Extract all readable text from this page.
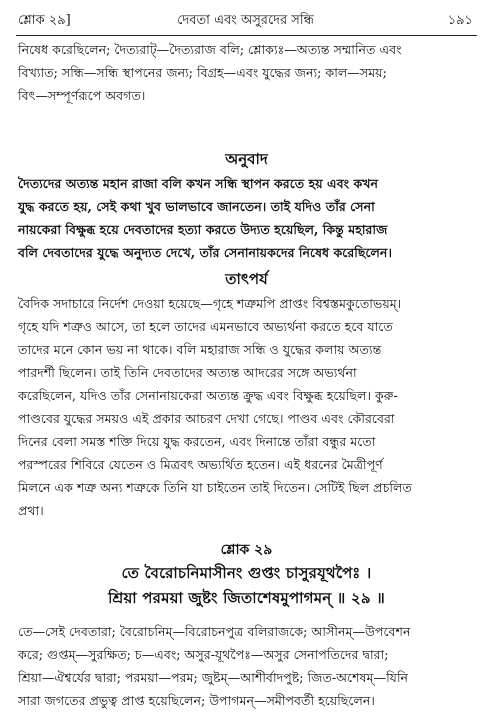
শ্লোক ২৯]	দেবতা এবং অসুরদের সন্ধি	১৯১

নিষেধ করেছিলেন; দৈত্যরাট্—দৈত্যরাজ বলি; শ্লোক্যঃ—অত্যন্ত সম্মানিত এবং

বিখ্যাত; সন্ধি—সন্ধি স্থাপনের জন্য; বিগ্রহ—এবং যুদ্ধের জন্য; কাল—সময়;

বিৎ—সম্পূর্ণরূপে অবগত।

অনুবাদ

দৈত্যদের অত্যন্ত মহান রাজা বলি কখন সন্ধি স্থাপন করতে হয় এবং কখন

যুদ্ধ করতে হয়, সেই কথা খুব ভালভাবে জানতেন। তাই যদিও তাঁর সেনা

নায়কেরা বিক্ষুব্ধ হয়ে দেবতাদের হত্যা করতে উদ্যত হয়েছিল, কিন্তু মহারাজ

বলি দেবতাদের যুদ্ধে অনুদ্যত দেখে, তাঁর সেনানায়কদের নিষেধ করেছিলেন।

তাৎপর্য

বৈদিক সদাচারে নির্দেশ দেওয়া হয়েছে—গৃহে শত্রুমপি প্রাপ্তং বিশ্বস্তমকুতোভয়ম্।

গৃহে যদি শত্রুও আসে, তা হলে তাদের এমনভাবে অভ্যর্থনা করতে হবে যাতে

তাদের মনে কোন ভয় না থাকে। বলি মহারাজ সন্ধি ও যুদ্ধের কলায় অত্যন্ত

পারদর্শী ছিলেন। তাই তিনি দেবতাদের অত্যন্ত আদরের সঙ্গে অভ্যর্থনা

করেছিলেন, যদিও তাঁর সেনানায়কেরা অত্যন্ত ক্রুদ্ধ এবং বিক্ষুব্ধ হয়েছিল। কুরু-

পাণ্ডবের যুদ্ধের সময়ও এই প্রকার আচরণ দেখা গেছে। পাণ্ডব এবং কৌরবেরা

দিনের বেলা সমস্ত শক্তি দিয়ে যুদ্ধ করতেন, এবং দিনান্তে তাঁরা বন্ধুর মতো

পরস্পরের শিবিরে যেতেন ও মিত্রবৎ অভ্যর্থিত হতেন। এই ধরনের মৈত্রীপূর্ণ

মিলনে এক শত্রু অন্য শত্রুকে তিনি যা চাইতেন তাই দিতেন। সেটিই ছিল প্রচলিত

প্রথা।

শ্লোক ২৯
তে বৈরোচনিমাসীনং গুপ্তং চাসুরযূথপৈঃ ।
শ্রিয়া পরময়া জুষ্টং জিতাশেষমুপাগমন্ ॥ ২৯ ॥

তে—সেই দেবতারা; বৈরোচনিম্—বিরোচনপুত্র বলিরাজকে; আসীনম্—উপবেশন

করে; গুপ্তম্—সুরক্ষিত; চ—এবং; অসুর-যূথপৈঃ—অসুর সেনাপতিদের দ্বারা;

শ্রিয়া—ঐশ্বর্যের দ্বারা; পরময়া—পরম; জুষ্টম্—আশীর্বাদপুষ্ট; জিত-অশেষম্—যিনি

সারা জগতের প্রভুত্ব প্রাপ্ত হয়েছিলেন; উপাগমন্—সমীপবর্তী হয়েছিলেন।
